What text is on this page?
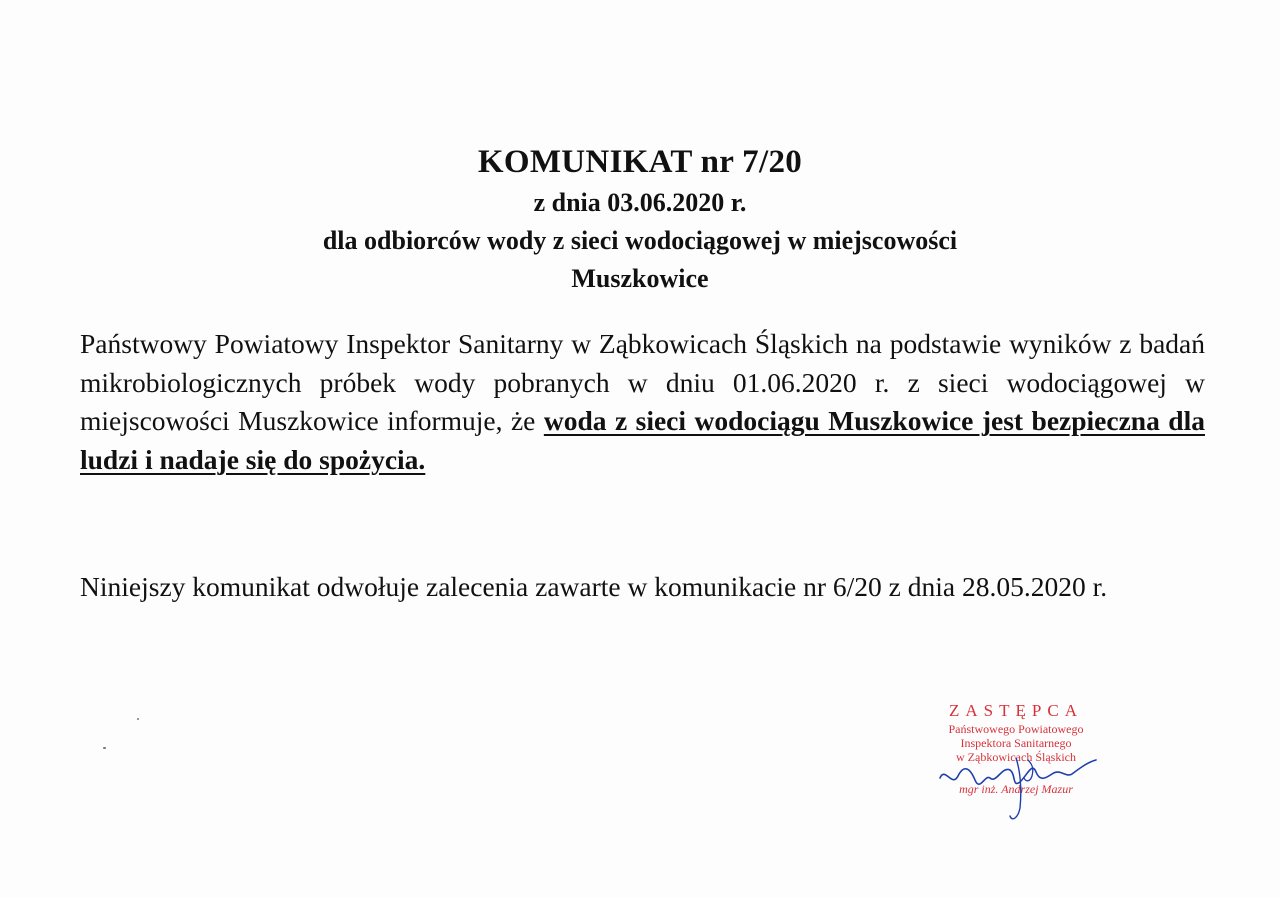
KOMUNIKAT nr 7/20
z dnia 03.06.2020 r.
dla odbiorców wody z sieci wodociągowej w miejscowości
Muszkowice
Państwowy Powiatowy Inspektor Sanitarny w Ząbkowicach Śląskich na podstawie wyników z badań mikrobiologicznych próbek wody pobranych w dniu 01.06.2020 r. z sieci wodociągowej w miejscowości Muszkowice informuje, że woda z sieci wodociągu Muszkowice jest bezpieczna dla ludzi i nadaje się do spożycia.
Niniejszy komunikat odwołuje zalecenia zawarte w komunikacie nr 6/20 z dnia 28.05.2020 r.
ZASTĘPCA
Państwowego Powiatowego
Inspektora Sanitarnego
w Ząbkowicach Śląskich
mgr inż. Andrzej Mazur
